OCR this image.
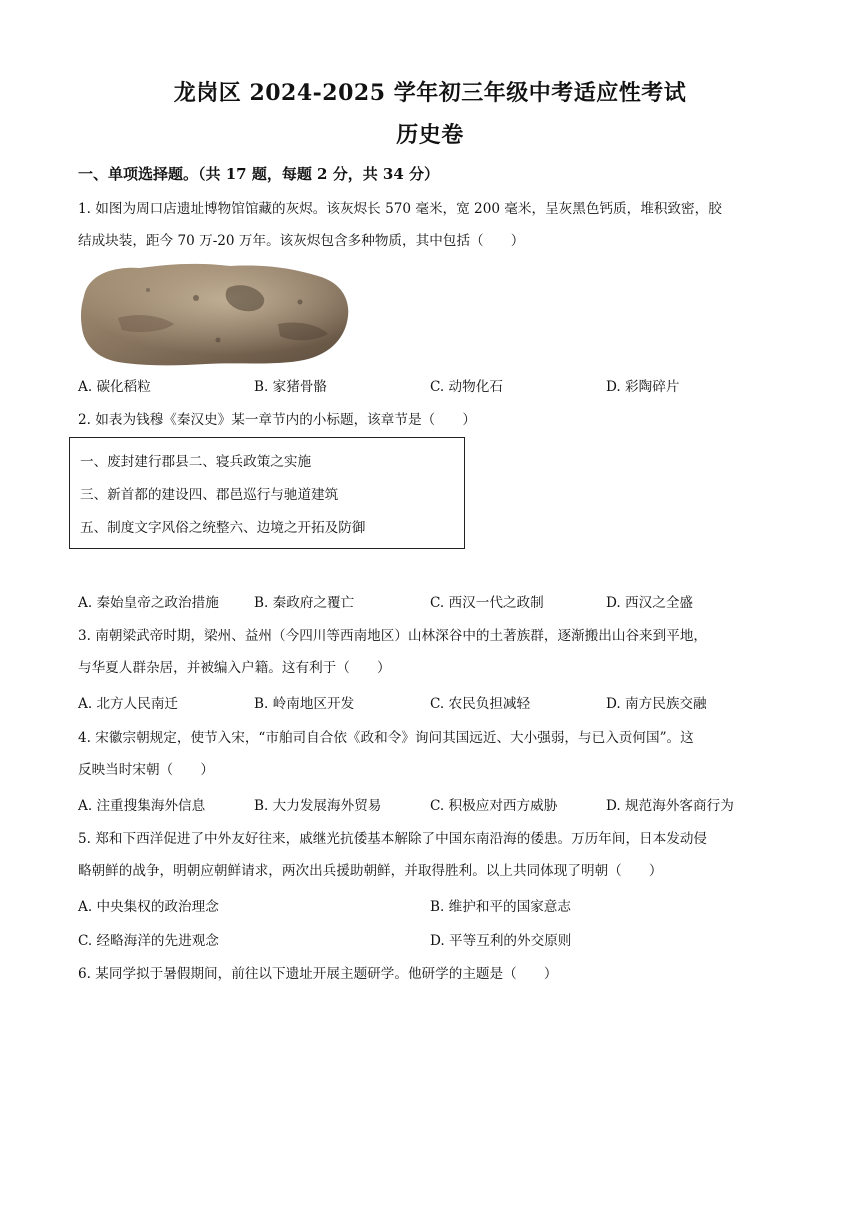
龙岗区 2024-2025 学年初三年级中考适应性考试
历史卷

一、单项选择题。（共 17 题，每题 2 分，共 34 分）

1. 如图为周口店遗址博物馆馆藏的灰烬。该灰烬长 570 毫米，宽 200 毫米，呈灰黑色钙质，堆积致密，胶
结成块装，距今 70 万-20 万年。该灰烬包含多种物质，其中包括（　　）
A. 碳化稻粒	B. 家猪骨骼	C. 动物化石	D. 彩陶碎片
2. 如表为钱穆《秦汉史》某一章节内的小标题，该章节是（　　）
一、废封建行郡县二、寝兵政策之实施
三、新首都的建设四、郡邑巡行与驰道建筑
五、制度文字风俗之统整六、边境之开拓及防御
A. 秦始皇帝之政治措施	B. 秦政府之覆亡	C. 西汉一代之政制	D. 西汉之全盛
3. 南朝梁武帝时期，梁州、益州（今四川等西南地区）山林深谷中的土著族群，逐渐搬出山谷来到平地，
与华夏人群杂居，并被编入户籍。这有利于（　　）
A. 北方人民南迁	B. 岭南地区开发	C. 农民负担减轻	D. 南方民族交融
4. 宋徽宗朝规定，使节入宋，“市舶司自合依《政和令》询问其国远近、大小强弱，与已入贡何国”。这
反映当时宋朝（　　）
A. 注重搜集海外信息	B. 大力发展海外贸易	C. 积极应对西方威胁	D. 规范海外客商行为
5. 郑和下西洋促进了中外友好往来，戚继光抗倭基本解除了中国东南沿海的倭患。万历年间，日本发动侵
略朝鲜的战争，明朝应朝鲜请求，两次出兵援助朝鲜，并取得胜利。以上共同体现了明朝（　　）
A. 中央集权的政治理念	B. 维护和平的国家意志
C. 经略海洋的先进观念	D. 平等互利的外交原则
6. 某同学拟于暑假期间，前往以下遗址开展主题研学。他研学的主题是（　　）
